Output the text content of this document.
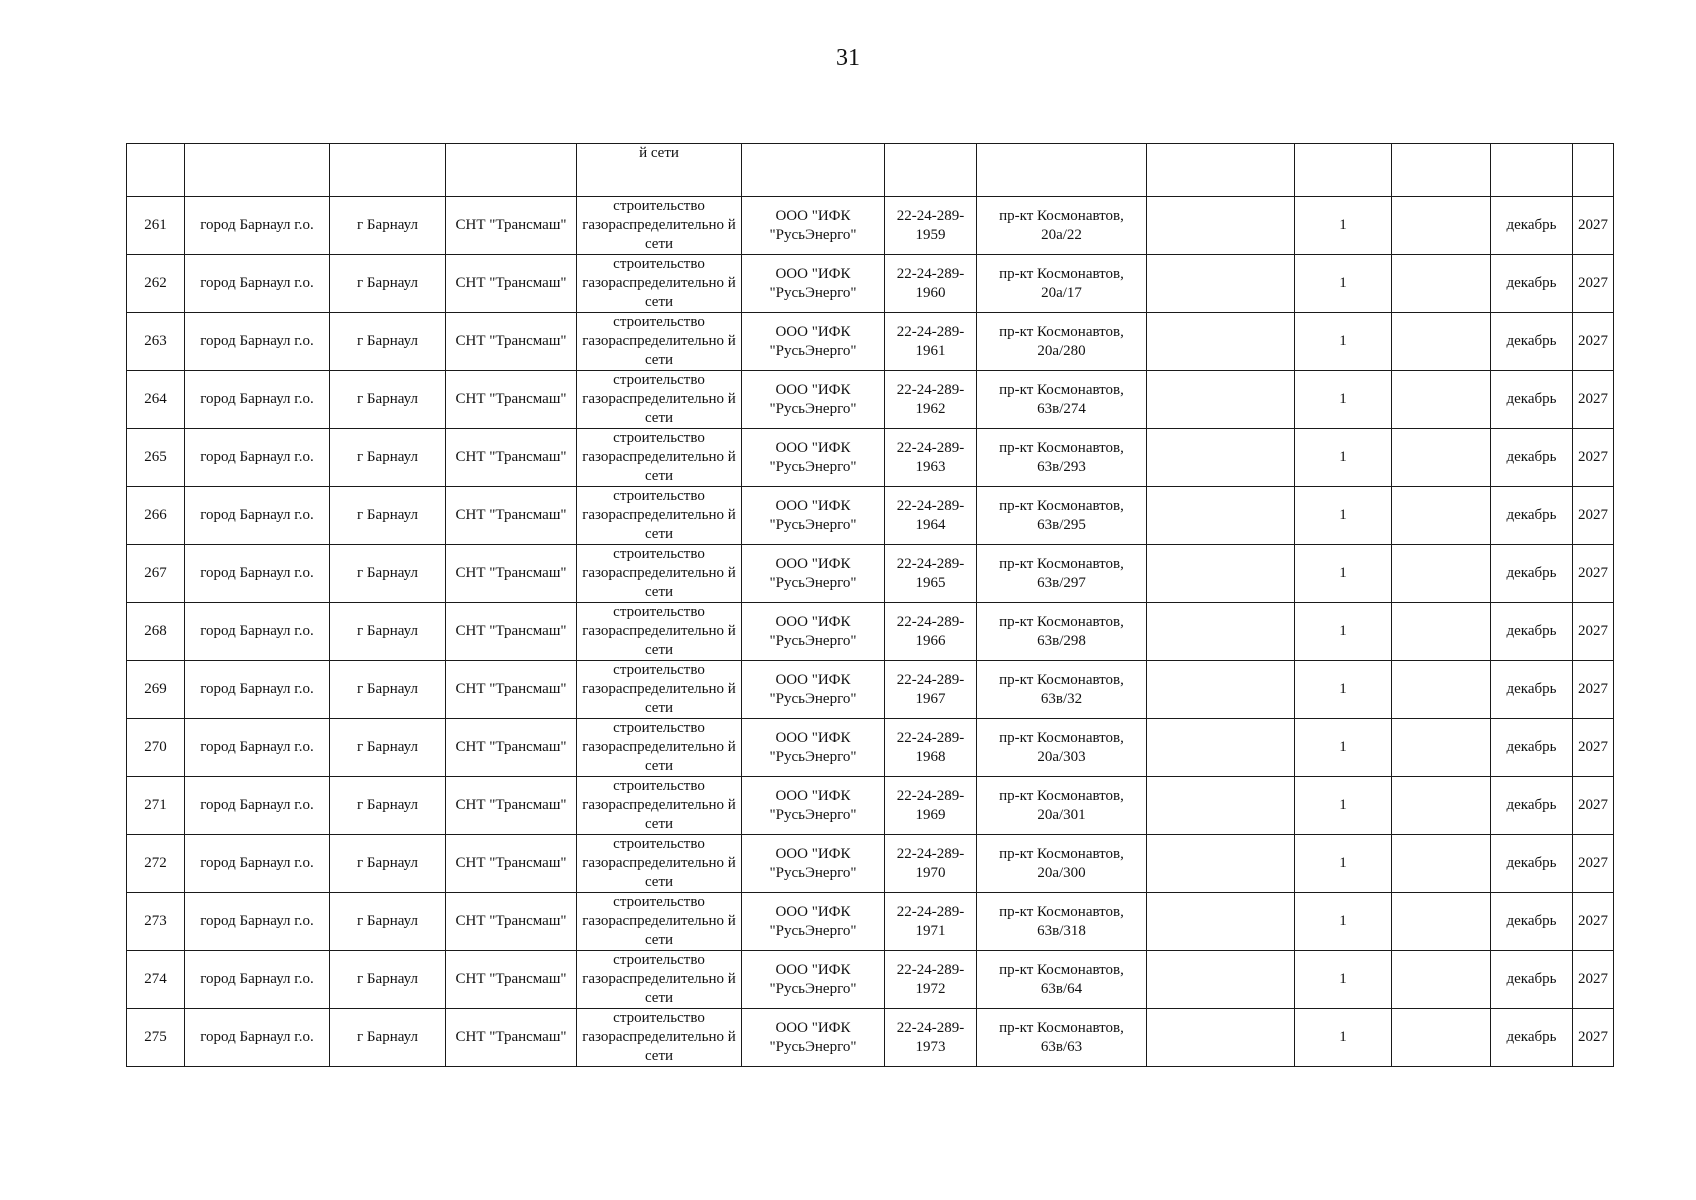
31
				й сети								
261	город Барнаул г.о.	г Барнаул	СНТ "Трансмаш"	строительство газораспределительно й сети	ООО "ИФК "РусьЭнерго"	22-24-289- 1959	пр-кт Космонавтов, 20а/22		1		декабрь	2027
262	город Барнаул г.о.	г Барнаул	СНТ "Трансмаш"	строительство газораспределительно й сети	ООО "ИФК "РусьЭнерго"	22-24-289- 1960	пр-кт Космонавтов, 20а/17		1		декабрь	2027
263	город Барнаул г.о.	г Барнаул	СНТ "Трансмаш"	строительство газораспределительно й сети	ООО "ИФК "РусьЭнерго"	22-24-289- 1961	пр-кт Космонавтов, 20а/280		1		декабрь	2027
264	город Барнаул г.о.	г Барнаул	СНТ "Трансмаш"	строительство газораспределительно й сети	ООО "ИФК "РусьЭнерго"	22-24-289- 1962	пр-кт Космонавтов, 63в/274		1		декабрь	2027
265	город Барнаул г.о.	г Барнаул	СНТ "Трансмаш"	строительство газораспределительно й сети	ООО "ИФК "РусьЭнерго"	22-24-289- 1963	пр-кт Космонавтов, 63в/293		1		декабрь	2027
266	город Барнаул г.о.	г Барнаул	СНТ "Трансмаш"	строительство газораспределительно й сети	ООО "ИФК "РусьЭнерго"	22-24-289- 1964	пр-кт Космонавтов, 63в/295		1		декабрь	2027
267	город Барнаул г.о.	г Барнаул	СНТ "Трансмаш"	строительство газораспределительно й сети	ООО "ИФК "РусьЭнерго"	22-24-289- 1965	пр-кт Космонавтов, 63в/297		1		декабрь	2027
268	город Барнаул г.о.	г Барнаул	СНТ "Трансмаш"	строительство газораспределительно й сети	ООО "ИФК "РусьЭнерго"	22-24-289- 1966	пр-кт Космонавтов, 63в/298		1		декабрь	2027
269	город Барнаул г.о.	г Барнаул	СНТ "Трансмаш"	строительство газораспределительно й сети	ООО "ИФК "РусьЭнерго"	22-24-289- 1967	пр-кт Космонавтов, 63в/32		1		декабрь	2027
270	город Барнаул г.о.	г Барнаул	СНТ "Трансмаш"	строительство газораспределительно й сети	ООО "ИФК "РусьЭнерго"	22-24-289- 1968	пр-кт Космонавтов, 20а/303		1		декабрь	2027
271	город Барнаул г.о.	г Барнаул	СНТ "Трансмаш"	строительство газораспределительно й сети	ООО "ИФК "РусьЭнерго"	22-24-289- 1969	пр-кт Космонавтов, 20а/301		1		декабрь	2027
272	город Барнаул г.о.	г Барнаул	СНТ "Трансмаш"	строительство газораспределительно й сети	ООО "ИФК "РусьЭнерго"	22-24-289- 1970	пр-кт Космонавтов, 20а/300		1		декабрь	2027
273	город Барнаул г.о.	г Барнаул	СНТ "Трансмаш"	строительство газораспределительно й сети	ООО "ИФК "РусьЭнерго"	22-24-289- 1971	пр-кт Космонавтов, 63в/318		1		декабрь	2027
274	город Барнаул г.о.	г Барнаул	СНТ "Трансмаш"	строительство газораспределительно й сети	ООО "ИФК "РусьЭнерго"	22-24-289- 1972	пр-кт Космонавтов, 63в/64		1		декабрь	2027
275	город Барнаул г.о.	г Барнаул	СНТ "Трансмаш"	строительство газораспределительно й сети	ООО "ИФК "РусьЭнерго"	22-24-289- 1973	пр-кт Космонавтов, 63в/63		1		декабрь	2027
